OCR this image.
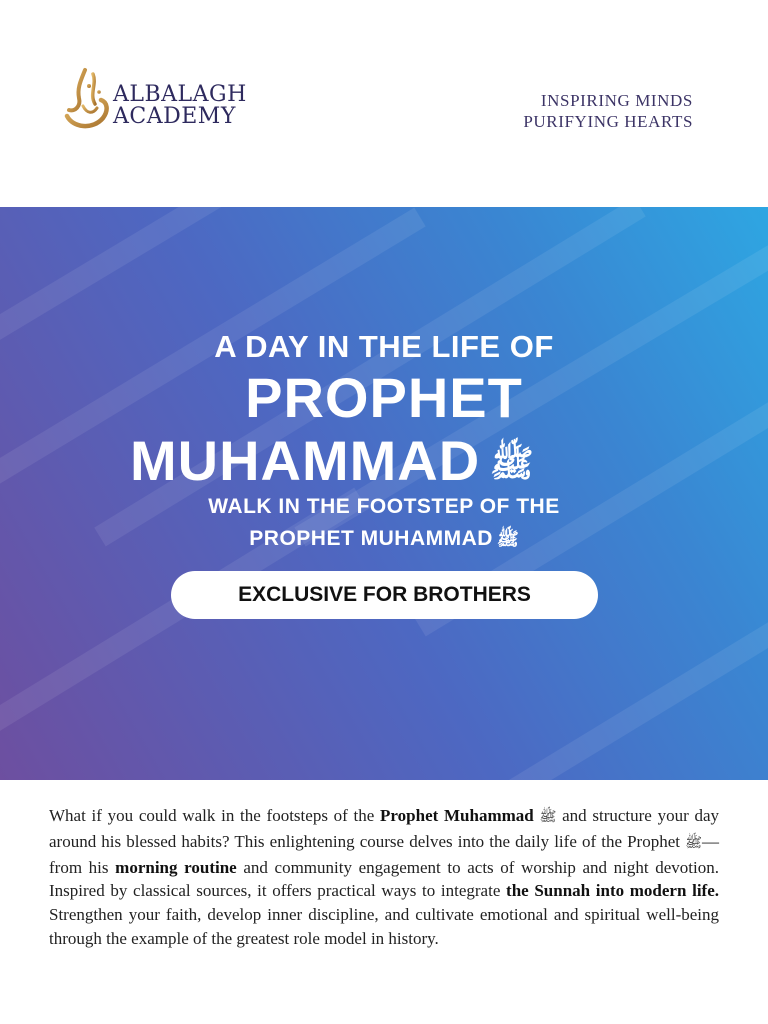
ALBALAGH
ACADEMY
INSPIRING MINDS
PURIFYING HEARTS
A DAY IN THE LIFE OF
PROPHET
MUHAMMAD ﷺ
WALK IN THE FOOTSTEP OF THE
PROPHET MUHAMMAD ﷺ
EXCLUSIVE FOR BROTHERS
What if you could walk in the footsteps of the Prophet Muhammad ﷺ and structure your day around his blessed habits? This enlightening course delves into the daily life of the Prophet ﷺ—from his morning routine and community engagement to acts of worship and night devotion. Inspired by classical sources, it offers practical ways to integrate the Sunnah into modern life. Strengthen your faith, develop inner discipline, and cultivate emotional and spiritual well-being through the example of the greatest role model in history.
